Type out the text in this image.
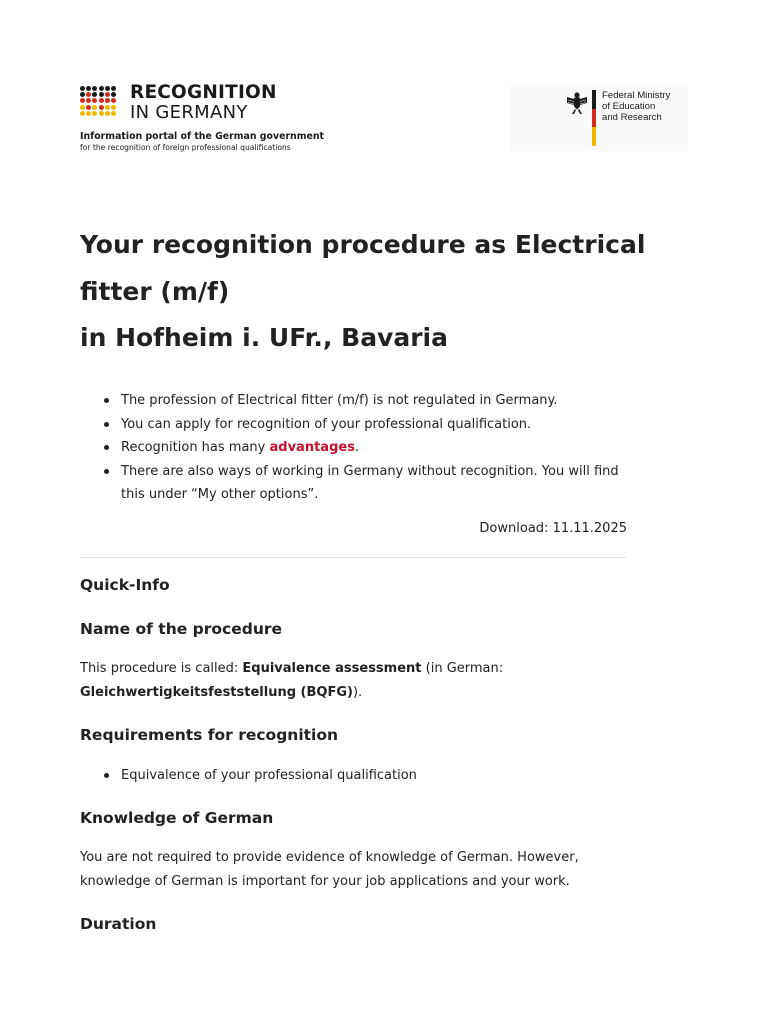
RECOGNITION
IN GERMANY
Information portal of the German government
for the recognition of foreign professional qualifications
Federal Ministry
of Education
and Research
Your recognition procedure as Electrical
fitter (m/f)
in Hofheim i. UFr., Bavaria
The profession of Electrical fitter (m/f) is not regulated in Germany.
You can apply for recognition of your professional qualification.
Recognition has many advantages.
There are also ways of working in Germany without recognition. You will find this under “My other options”.
Download: 11.11.2025
Quick-Info
Name of the procedure
This procedure is called: Equivalence assessment (in German:
Gleichwertigkeitsfeststellung (BQFG)).
Requirements for recognition
Equivalence of your professional qualification
Knowledge of German
You are not required to provide evidence of knowledge of German. However, knowledge of German is important for your job applications and your work.
Duration
